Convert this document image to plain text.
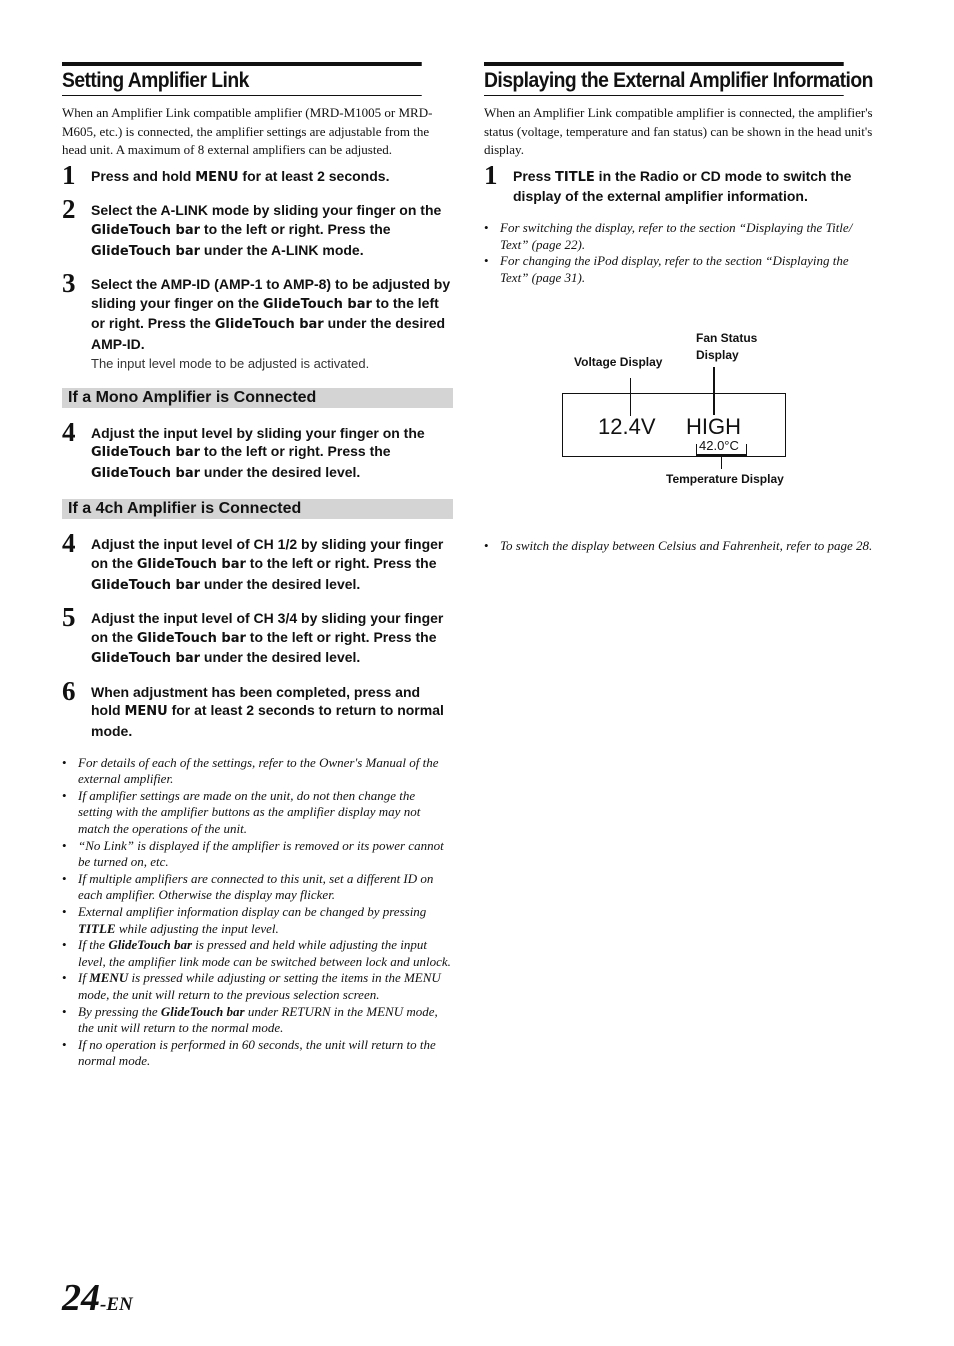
Setting Amplifier Link
When an Amplifier Link compatible amplifier (MRD-M1005 or MRD-M605, etc.) is connected, the amplifier settings are adjustable from the head unit. A maximum of 8 external amplifiers can be adjusted.
1 Press and hold MENU for at least 2 seconds.
2 Select the A-LINK mode by sliding your finger on the GlideTouch bar to the left or right. Press the GlideTouch bar under the A-LINK mode.
3 Select the AMP-ID (AMP-1 to AMP-8) to be adjusted by sliding your finger on the GlideTouch bar to the left or right. Press the GlideTouch bar under the desired AMP-ID.
The input level mode to be adjusted is activated.
If a Mono Amplifier is Connected
4 Adjust the input level by sliding your finger on the GlideTouch bar to the left or right. Press the GlideTouch bar under the desired level.
If a 4ch Amplifier is Connected
4 Adjust the input level of CH 1/2 by sliding your finger on the GlideTouch bar to the left or right. Press the GlideTouch bar under the desired level.
5 Adjust the input level of CH 3/4 by sliding your finger on the GlideTouch bar to the left or right. Press the GlideTouch bar under the desired level.
6 When adjustment has been completed, press and hold MENU for at least 2 seconds to return to normal mode.
• For details of each of the settings, refer to the Owner's Manual of the external amplifier.
• If amplifier settings are made on the unit, do not then change the setting with the amplifier buttons as the amplifier display may not match the operations of the unit.
• “No Link” is displayed if the amplifier is removed or its power cannot be turned on, etc.
• If multiple amplifiers are connected to this unit, set a different ID on each amplifier. Otherwise the display may flicker.
• External amplifier information display can be changed by pressing TITLE while adjusting the input level.
• If the GlideTouch bar is pressed and held while adjusting the input level, the amplifier link mode can be switched between lock and unlock.
• If MENU is pressed while adjusting or setting the items in the MENU mode, the unit will return to the previous selection screen.
• By pressing the GlideTouch bar under RETURN in the MENU mode, the unit will return to the normal mode.
• If no operation is performed in 60 seconds, the unit will return to the normal mode.
Displaying the External Amplifier Information
When an Amplifier Link compatible amplifier is connected, the amplifier's status (voltage, temperature and fan status) can be shown in the head unit's display.
1 Press TITLE in the Radio or CD mode to switch the display of the external amplifier information.
• For switching the display, refer to the section “Displaying the Title/ Text” (page 22).
• For changing the iPod display, refer to the section “Displaying the Text” (page 31).
Fan Status
Display
Voltage Display
12.4V HIGH
42.0°C
Temperature Display
• To switch the display between Celsius and Fahrenheit, refer to page 28.
24-EN
